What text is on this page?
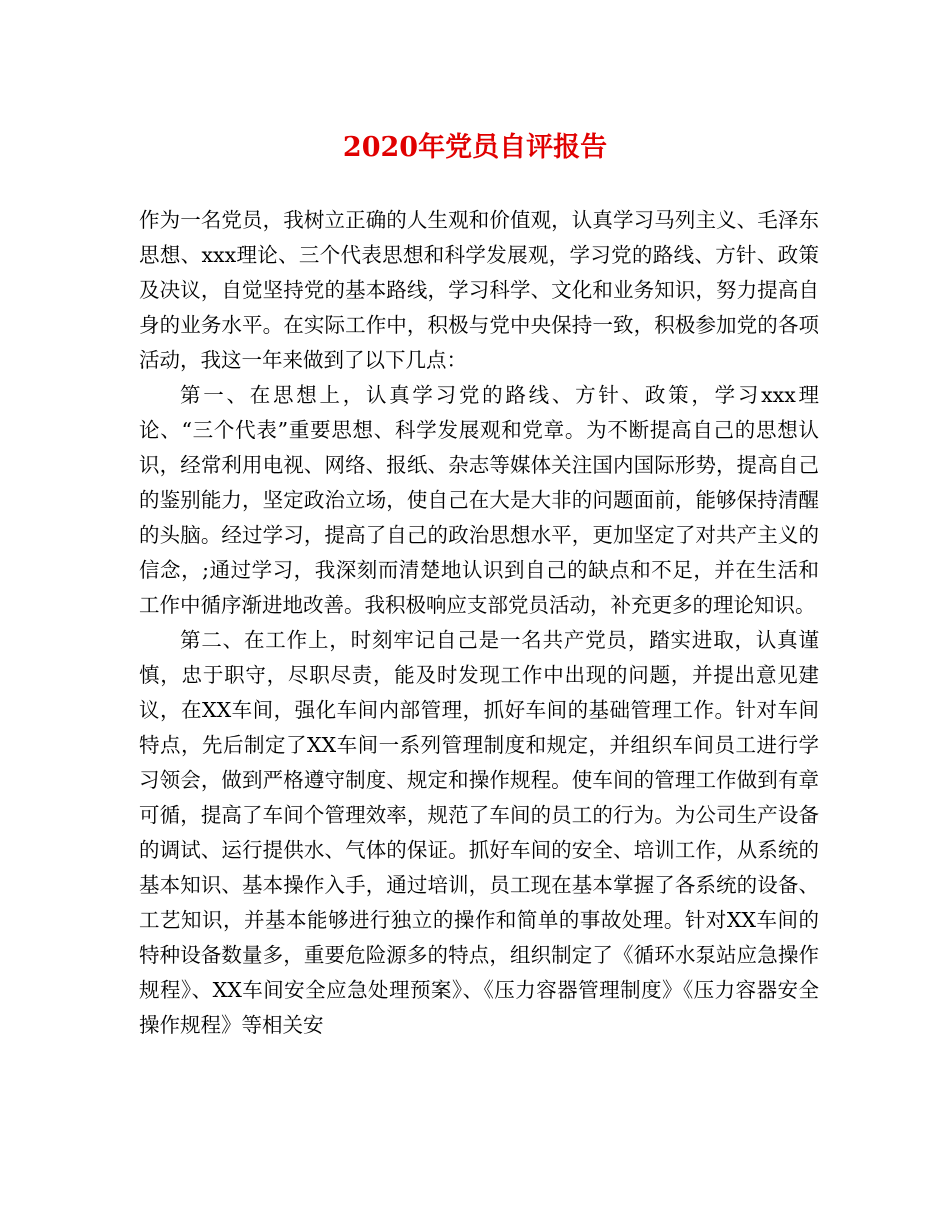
2020年党员自评报告

作为一名党员，我树立正确的人生观和价值观，认真学习马列主义、毛泽东思想、xxx理论、三个代表思想和科学发展观，学习党的路线、方针、政策及决议，自觉坚持党的基本路线，学习科学、文化和业务知识，努力提高自身的业务水平。在实际工作中，积极与党中央保持一致，积极参加党的各项活动，我这一年来做到了以下几点：

第一、在思想上，认真学习党的路线、方针、政策，学习xxx理论、“三个代表”重要思想、科学发展观和党章。为不断提高自己的思想认识，经常利用电视、网络、报纸、杂志等媒体关注国内国际形势，提高自己的鉴别能力，坚定政治立场，使自己在大是大非的问题面前，能够保持清醒的头脑。经过学习，提高了自己的政治思想水平，更加坚定了对共产主义的信念，;通过学习，我深刻而清楚地认识到自己的缺点和不足，并在生活和工作中循序渐进地改善。我积极响应支部党员活动，补充更多的理论知识。

第二、在工作上，时刻牢记自己是一名共产党员，踏实进取，认真谨慎，忠于职守，尽职尽责，能及时发现工作中出现的问题，并提出意见建议，在XX车间，强化车间内部管理，抓好车间的基础管理工作。针对车间特点，先后制定了XX车间一系列管理制度和规定，并组织车间员工进行学习领会，做到严格遵守制度、规定和操作规程。使车间的管理工作做到有章可循，提高了车间个管理效率，规范了车间的员工的行为。为公司生产设备的调试、运行提供水、气体的保证。抓好车间的安全、培训工作，从系统的基本知识、基本操作入手，通过培训，员工现在基本掌握了各系统的设备、工艺知识，并基本能够进行独立的操作和简单的事故处理。针对XX车间的特种设备数量多，重要危险源多的特点，组织制定了《循环水泵站应急操作规程》、XX车间安全应急处理预案》、《压力容器管理制度》《压力容器安全操作规程》等相关安
